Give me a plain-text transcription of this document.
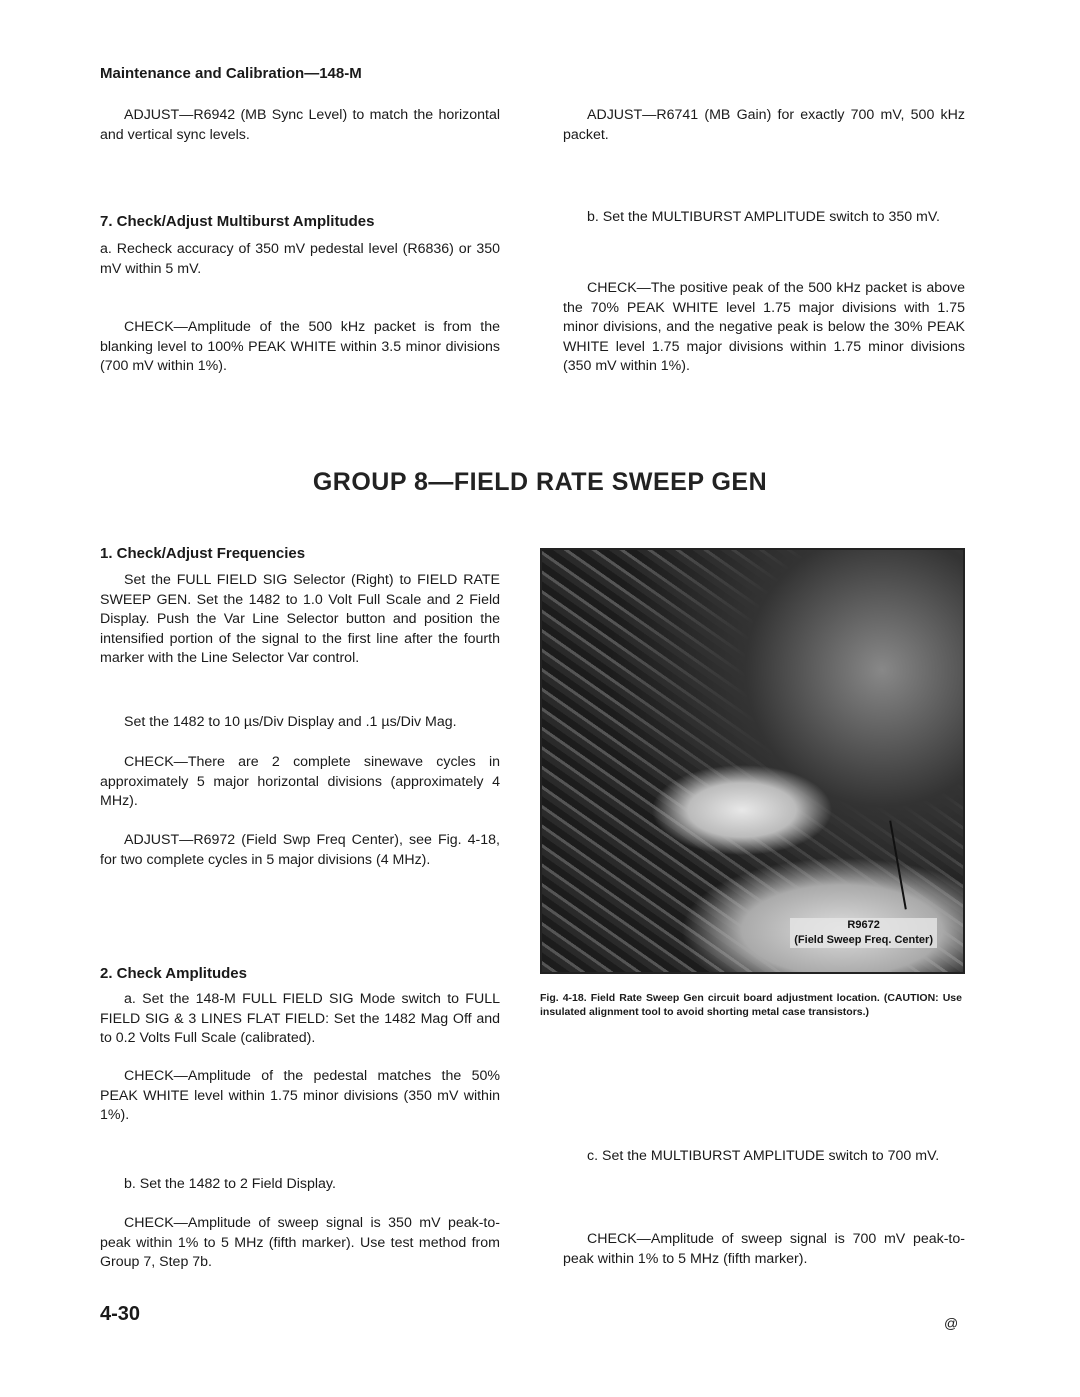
Maintenance and Calibration—148-M
ADJUST—R6942 (MB Sync Level) to match the horizontal and vertical sync levels.
ADJUST—R6741 (MB Gain) for exactly 700 mV, 500 kHz packet.
7. Check/Adjust Multiburst Amplitudes
a. Recheck accuracy of 350 mV pedestal level (R6836) or 350 mV within 5 mV.
CHECK—Amplitude of the 500 kHz packet is from the blanking level to 100% PEAK WHITE within 3.5 minor divisions (700 mV within 1%).
b. Set the MULTIBURST AMPLITUDE switch to 350 mV.
CHECK—The positive peak of the 500 kHz packet is above the 70% PEAK WHITE level 1.75 major divisions with 1.75 minor divisions, and the negative peak is below the 30% PEAK WHITE level 1.75 major divisions within 1.75 minor divisions (350 mV within 1%).
GROUP 8—FIELD RATE SWEEP GEN
1. Check/Adjust Frequencies
Set the FULL FIELD SIG Selector (Right) to FIELD RATE SWEEP GEN. Set the 1482 to 1.0 Volt Full Scale and 2 Field Display. Push the Var Line Selector button and position the intensified portion of the signal to the first line after the fourth marker with the Line Selector Var control.
Set the 1482 to 10 µs/Div Display and .1 µs/Div Mag.
CHECK—There are 2 complete sinewave cycles in approximately 5 major horizontal divisions (approximately 4 MHz).
ADJUST—R6972 (Field Swp Freq Center), see Fig. 4-18, for two complete cycles in 5 major divisions (4 MHz).
2. Check Amplitudes
a. Set the 148-M FULL FIELD SIG Mode switch to FULL FIELD SIG & 3 LINES FLAT FIELD: Set the 1482 Mag Off and to 0.2 Volts Full Scale (calibrated).
CHECK—Amplitude of the pedestal matches the 50% PEAK WHITE level within 1.75 minor divisions (350 mV within 1%).
b. Set the 1482 to 2 Field Display.
CHECK—Amplitude of sweep signal is 350 mV peak-to-peak within 1% to 5 MHz (fifth marker). Use test method from Group 7, Step 7b.
c. Set the MULTIBURST AMPLITUDE switch to 700 mV.
CHECK—Amplitude of sweep signal is 700 mV peak-to-peak within 1% to 5 MHz (fifth marker).
R9672
(Field Sweep Freq. Center)
Fig. 4-18. Field Rate Sweep Gen circuit board adjustment location. (CAUTION: Use insulated alignment tool to avoid shorting metal case transistors.)
4-30	@
